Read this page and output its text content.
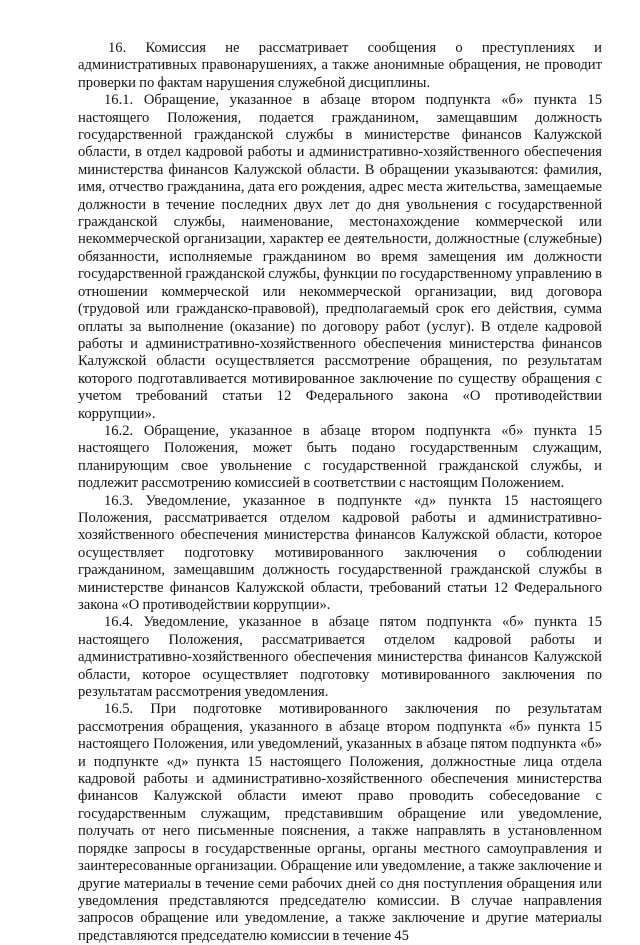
16. Комиссия не рассматривает сообщения о преступлениях и административных правонарушениях, а также анонимные обращения, не проводит проверки по фактам нарушения служебной дисциплины.

16.1. Обращение, указанное в абзаце втором подпункта «б» пункта 15 настоящего Положения, подается гражданином, замещавшим должность государственной гражданской службы в министерстве финансов Калужской области, в отдел кадровой работы и административно-хозяйственного обеспечения министерства финансов Калужской области. В обращении указываются: фамилия, имя, отчество гражданина, дата его рождения, адрес места жительства, замещаемые должности в течение последних двух лет до дня увольнения с государственной гражданской службы, наименование, местонахождение коммерческой или некоммерческой организации, характер ее деятельности, должностные (служебные) обязанности, исполняемые гражданином во время замещения им должности государственной гражданской службы, функции по государственному управлению в отношении коммерческой или некоммерческой организации, вид договора (трудовой или гражданско-правовой), предполагаемый срок его действия, сумма оплаты за выполнение (оказание) по договору работ (услуг). В отделе кадровой работы и административно-хозяйственного обеспечения министерства финансов Калужской области осуществляется рассмотрение обращения, по результатам которого подготавливается мотивированное заключение по существу обращения с учетом требований статьи 12 Федерального закона «О противодействии коррупции».

16.2. Обращение, указанное в абзаце втором подпункта «б» пункта 15 настоящего Положения, может быть подано государственным служащим, планирующим свое увольнение с государственной гражданской службы, и подлежит рассмотрению комиссией в соответствии с настоящим Положением.

16.3. Уведомление, указанное в подпункте «д» пункта 15 настоящего Положения, рассматривается отделом кадровой работы и административно-хозяйственного обеспечения министерства финансов Калужской области, которое осуществляет подготовку мотивированного заключения о соблюдении гражданином, замещавшим должность государственной гражданской службы в министерстве финансов Калужской области, требований статьи 12 Федерального закона «О противодействии коррупции».

16.4. Уведомление, указанное в абзаце пятом подпункта «б» пункта 15 настоящего Положения, рассматривается отделом кадровой работы и административно-хозяйственного обеспечения министерства финансов Калужской области, которое осуществляет подготовку мотивированного заключения по результатам рассмотрения уведомления.

16.5. При подготовке мотивированного заключения по результатам рассмотрения обращения, указанного в абзаце втором подпункта «б» пункта 15 настоящего Положения, или уведомлений, указанных в абзаце пятом подпункта «б» и подпункте «д» пункта 15 настоящего Положения, должностные лица отдела кадровой работы и административно-хозяйственного обеспечения министерства финансов Калужской области имеют право проводить собеседование с государственным служащим, представившим обращение или уведомление, получать от него письменные пояснения, а также направлять в установленном порядке запросы в государственные органы, органы местного самоуправления и заинтересованные организации. Обращение или уведомление, а также заключение и другие материалы в течение семи рабочих дней со дня поступления обращения или уведомления представляются председателю комиссии. В случае направления запросов обращение или уведомление, а также заключение и другие материалы представляются председателю комиссии в течение 45
